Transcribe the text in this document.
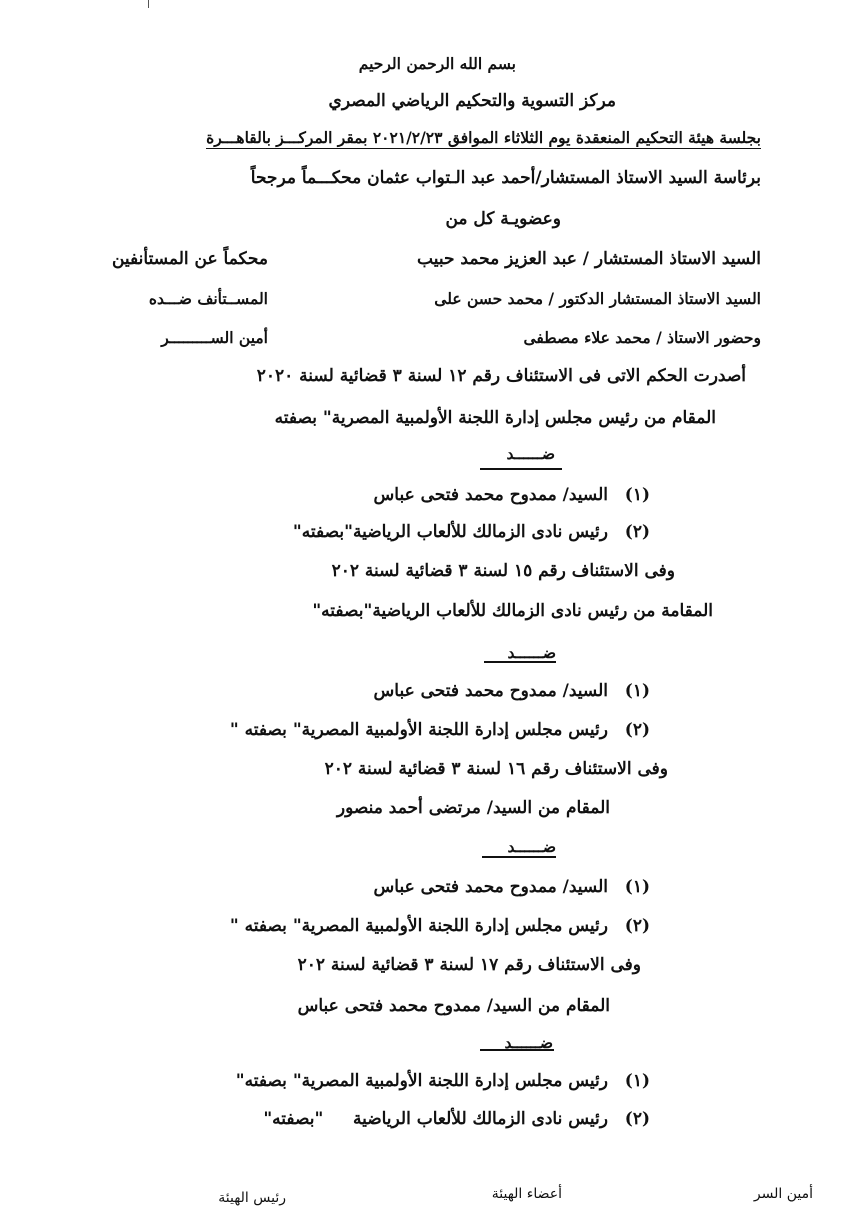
بسم الله الرحمن الرحيم
مركز التسوية والتحكيم الرياضي المصري
بجلسة هيئة التحكيم المنعقدة يوم الثلاثاء الموافق ٢٠٢١/٢/٢٣ بمقر المركـــز بالقاهـــرة
برئاسة السيد الاستاذ المستشار/أحمد عبد الـتواب عثمان محكـــماً مرجحاً
وعضويـة كل من
السيد الاستاذ المستشار / عبد العزيز محمد حبيب
محكماً عن المستأنفين
السيد الاستاذ المستشار الدكتور / محمد حسن على
المســتأنف ضـــده
وحضور الاستاذ / محمد علاء مصطفى
أمين الســـــــــر
أصدرت الحكم الاتى فى الاستئناف رقم ١٢ لسنة ٣ قضائية لسنة ٢٠٢٠
المقام من رئيس مجلس إدارة اللجنة الأولمبية المصرية" بصفته
ضــــــد
(١)السيد/ ممدوح محمد فتحى عباس
(٢)رئيس نادى الزمالك للألعاب الرياضية"بصفته"
وفى الاستئناف رقم ١٥ لسنة ٣ قضائية لسنة ٢٠٢
المقامة من رئيس نادى الزمالك للألعاب الرياضية"بصفته"
ضــــــد
(١)السيد/ ممدوح محمد فتحى عباس
(٢)رئيس مجلس إدارة اللجنة الأولمبية المصرية" بصفته "
وفى الاستئناف رقم ١٦ لسنة ٣ قضائية لسنة ٢٠٢
المقام من السيد/ مرتضى أحمد منصور
ضــــــد
(١)السيد/ ممدوح محمد فتحى عباس
(٢)رئيس مجلس إدارة اللجنة الأولمبية المصرية" بصفته "
وفى الاستئناف رقم ١٧ لسنة ٣ قضائية لسنة ٢٠٢
المقام من السيد/ ممدوح محمد فتحى عباس
ضــــــد
(١)رئيس مجلس إدارة اللجنة الأولمبية المصرية" بصفته"
(٢)رئيس نادى الزمالك للألعاب الرياضية     "بصفته"
أمين السر
أعضاء الهيئة
رئيس الهيئة
